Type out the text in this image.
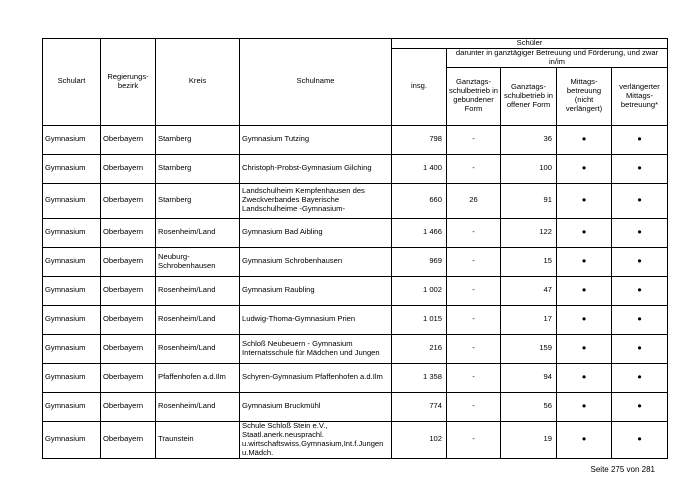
Schulart	Regierungs-bezirk	Kreis	Schulname	Schüler				
				insg.	darunter in ganztägiger Betreuung und Förderung, und zwar in/im			
					Ganztags-schulbetrieb in gebundener Form	Ganztags-schulbetrieb in offener Form	Mittags-betreuung (nicht verlängert)	verlängerter Mittags-betreuung*
Gymnasium	Oberbayern	Starnberg	Gymnasium Tutzing	798	-	36	●	●
Gymnasium	Oberbayern	Starnberg	Christoph-Probst-Gymnasium Gilching	1 400	-	100	●	●
Gymnasium	Oberbayern	Starnberg	Landschulheim Kempfenhausen des Zweckverbandes Bayerische Landschulheime -Gymnasium-	660	26	91	●	●
Gymnasium	Oberbayern	Rosenheim/Land	Gymnasium Bad Aibling	1 466	-	122	●	●
Gymnasium	Oberbayern	Neuburg-Schrobenhausen	Gymnasium Schrobenhausen	969	-	15	●	●
Gymnasium	Oberbayern	Rosenheim/Land	Gymnasium Raubling	1 002	-	47	●	●
Gymnasium	Oberbayern	Rosenheim/Land	Ludwig-Thoma-Gymnasium Prien	1 015	-	17	●	●
Gymnasium	Oberbayern	Rosenheim/Land	Schloß Neubeuern - Gymnasium Internatsschule für Mädchen und Jungen	216	-	159	●	●
Gymnasium	Oberbayern	Pfaffenhofen a.d.Ilm	Schyren-Gymnasium Pfaffenhofen a.d.Ilm	1 358	-	94	●	●
Gymnasium	Oberbayern	Rosenheim/Land	Gymnasium Bruckmühl	774	-	56	●	●
Gymnasium	Oberbayern	Traunstein	Schule Schloß Stein e.V., Staatl.anerk.neusprachl. u.wirtschaftswiss.Gymnasium,Int.f.Jungen u.Mädch.	102	-	19	●	●
Seite 275 von 281
